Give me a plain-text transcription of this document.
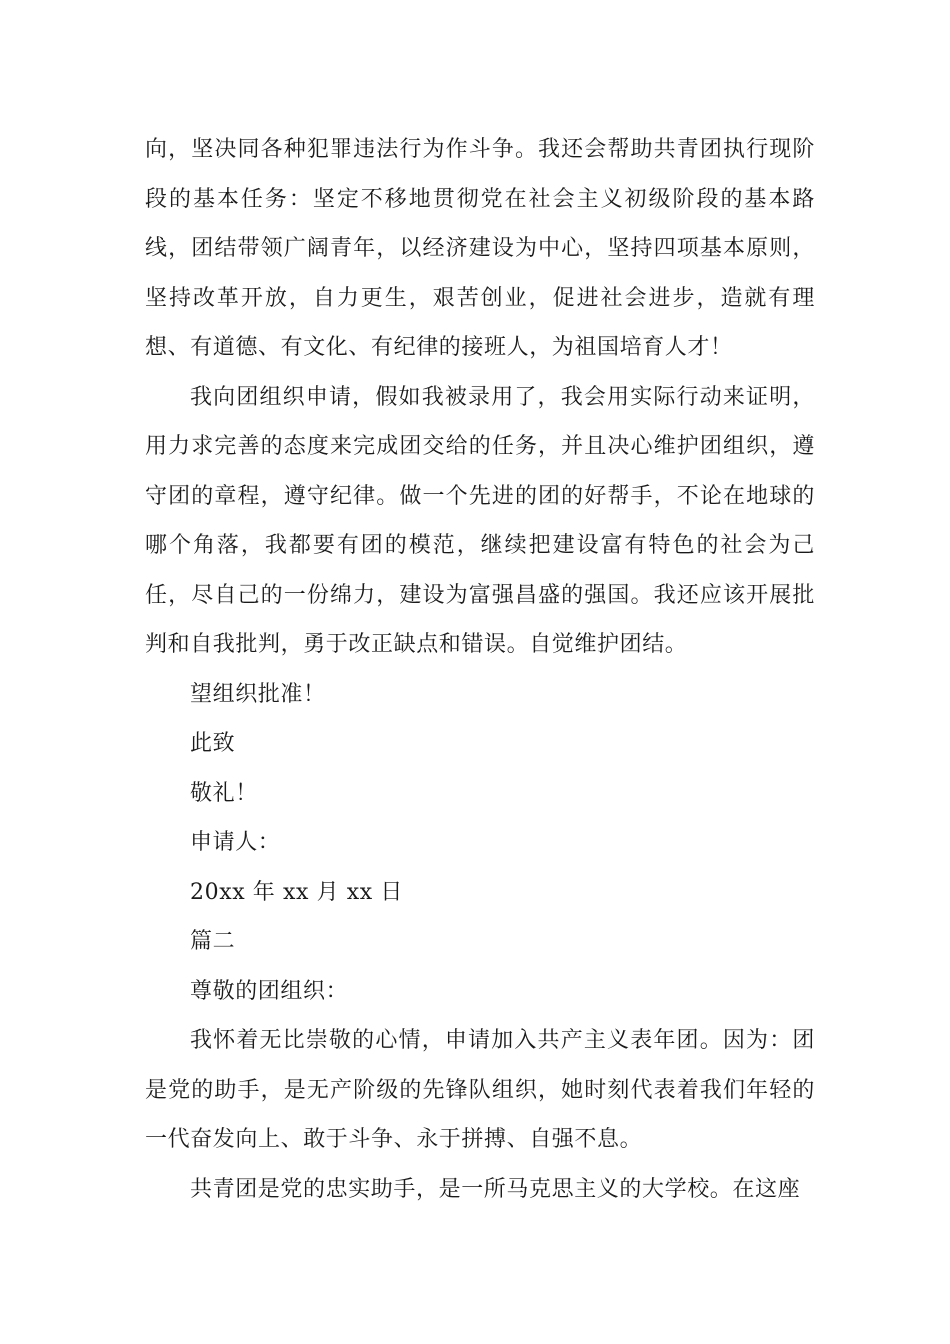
向，坚决同各种犯罪违法行为作斗争。我还会帮助共青团执行现阶段的基本任务：坚定不移地贯彻党在社会主义初级阶段的基本路线，团结带领广阔青年，以经济建设为中心，坚持四项基本原则，坚持改革开放，自力更生，艰苦创业，促进社会进步，造就有理想、有道德、有文化、有纪律的接班人，为祖国培育人才！

我向团组织申请，假如我被录用了，我会用实际行动来证明，用力求完善的态度来完成团交给的任务，并且决心维护团组织，遵守团的章程，遵守纪律。做一个先进的团的好帮手，不论在地球的哪个角落，我都要有团的模范，继续把建设富有特色的社会为己任，尽自己的一份绵力，建设为富强昌盛的强国。我还应该开展批判和自我批判，勇于改正缺点和错误。自觉维护团结。

望组织批准！

此致

敬礼！

申请人：

20xx 年 xx 月 xx 日

篇二

尊敬的团组织：

我怀着无比崇敬的心情，申请加入共产主义表年团。因为：团是党的助手，是无产阶级的先锋队组织，她时刻代表着我们年轻的一代奋发向上、敢于斗争、永于拼搏、自强不息。

共青团是党的忠实助手，是一所马克思主义的大学校。在这座
